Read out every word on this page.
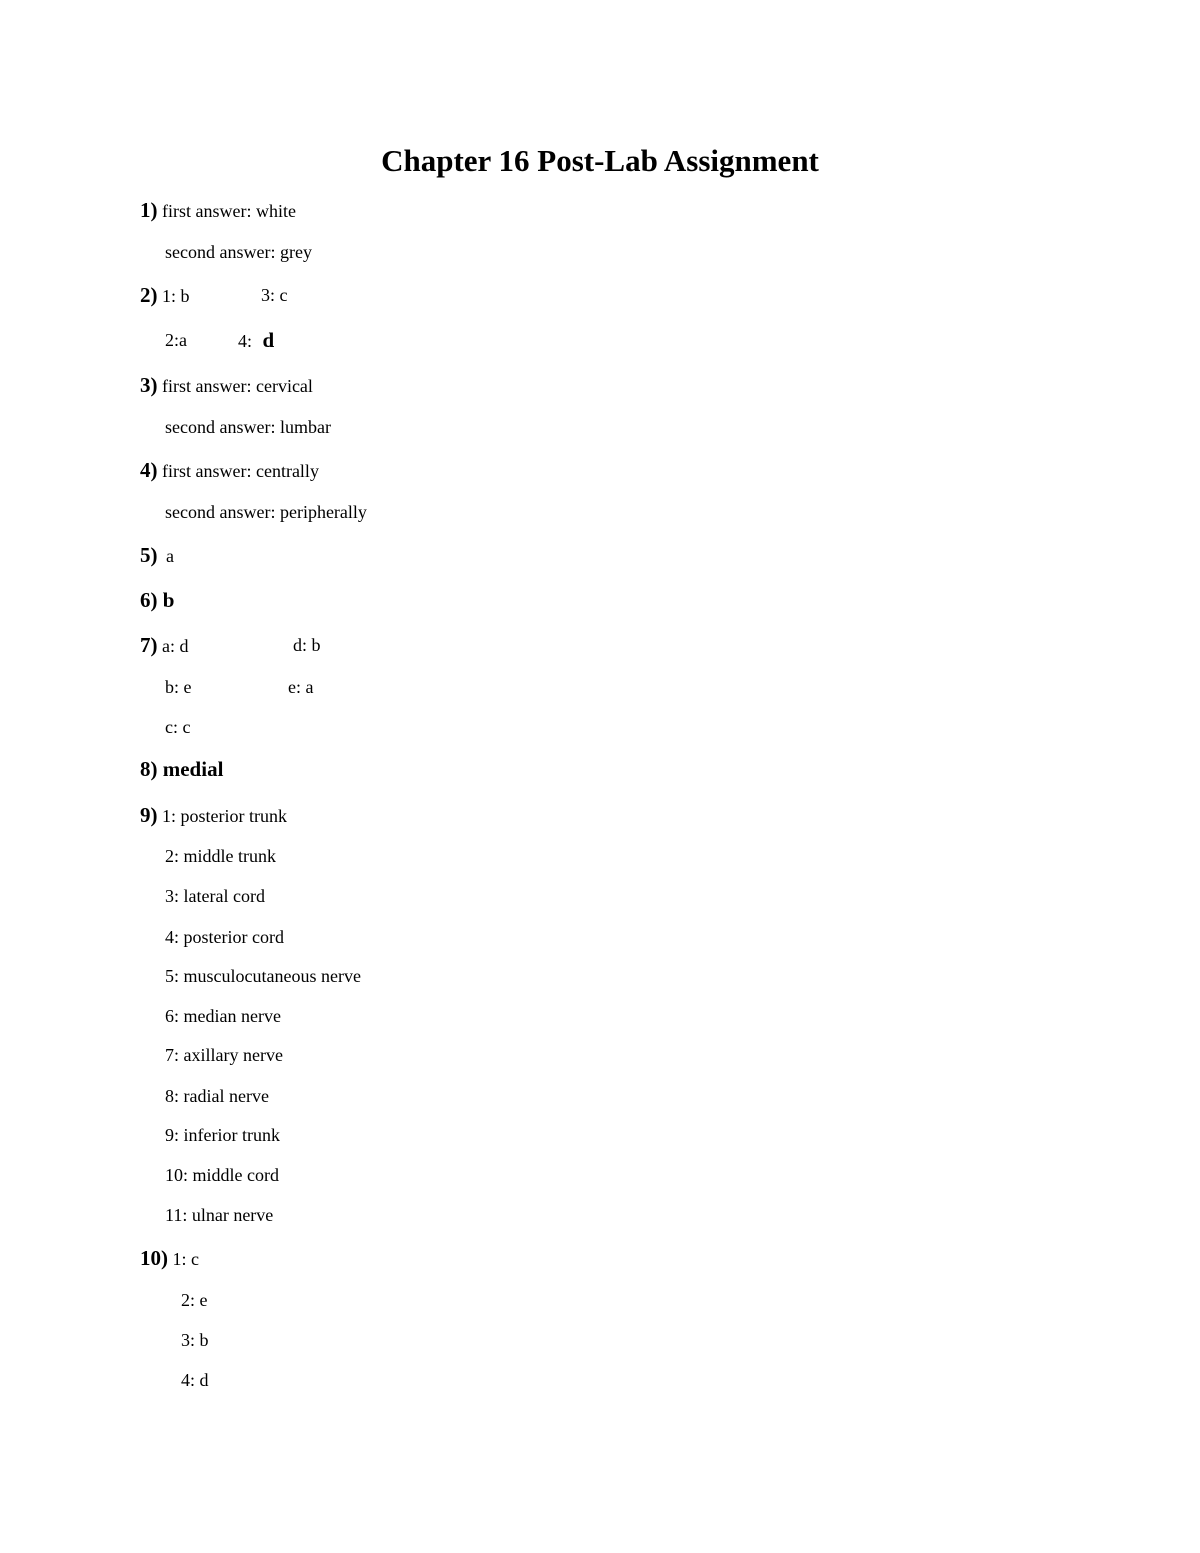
Chapter 16 Post-Lab Assignment
1) first answer: white
second answer: grey
2) 1: b	3: c
2:a	4: d
3) first answer: cervical
second answer: lumbar
4) first answer: centrally
second answer: peripherally
5) a
6) b
7) a: d	d: b
b: e	e: a
c: c
8) medial
9) 1: posterior trunk
2: middle trunk
3: lateral cord
4: posterior cord
5: musculocutaneous nerve
6: median nerve
7: axillary nerve
8: radial nerve
9: inferior trunk
10: middle cord
11: ulnar nerve
10) 1: c
2: e
3: b
4: d
